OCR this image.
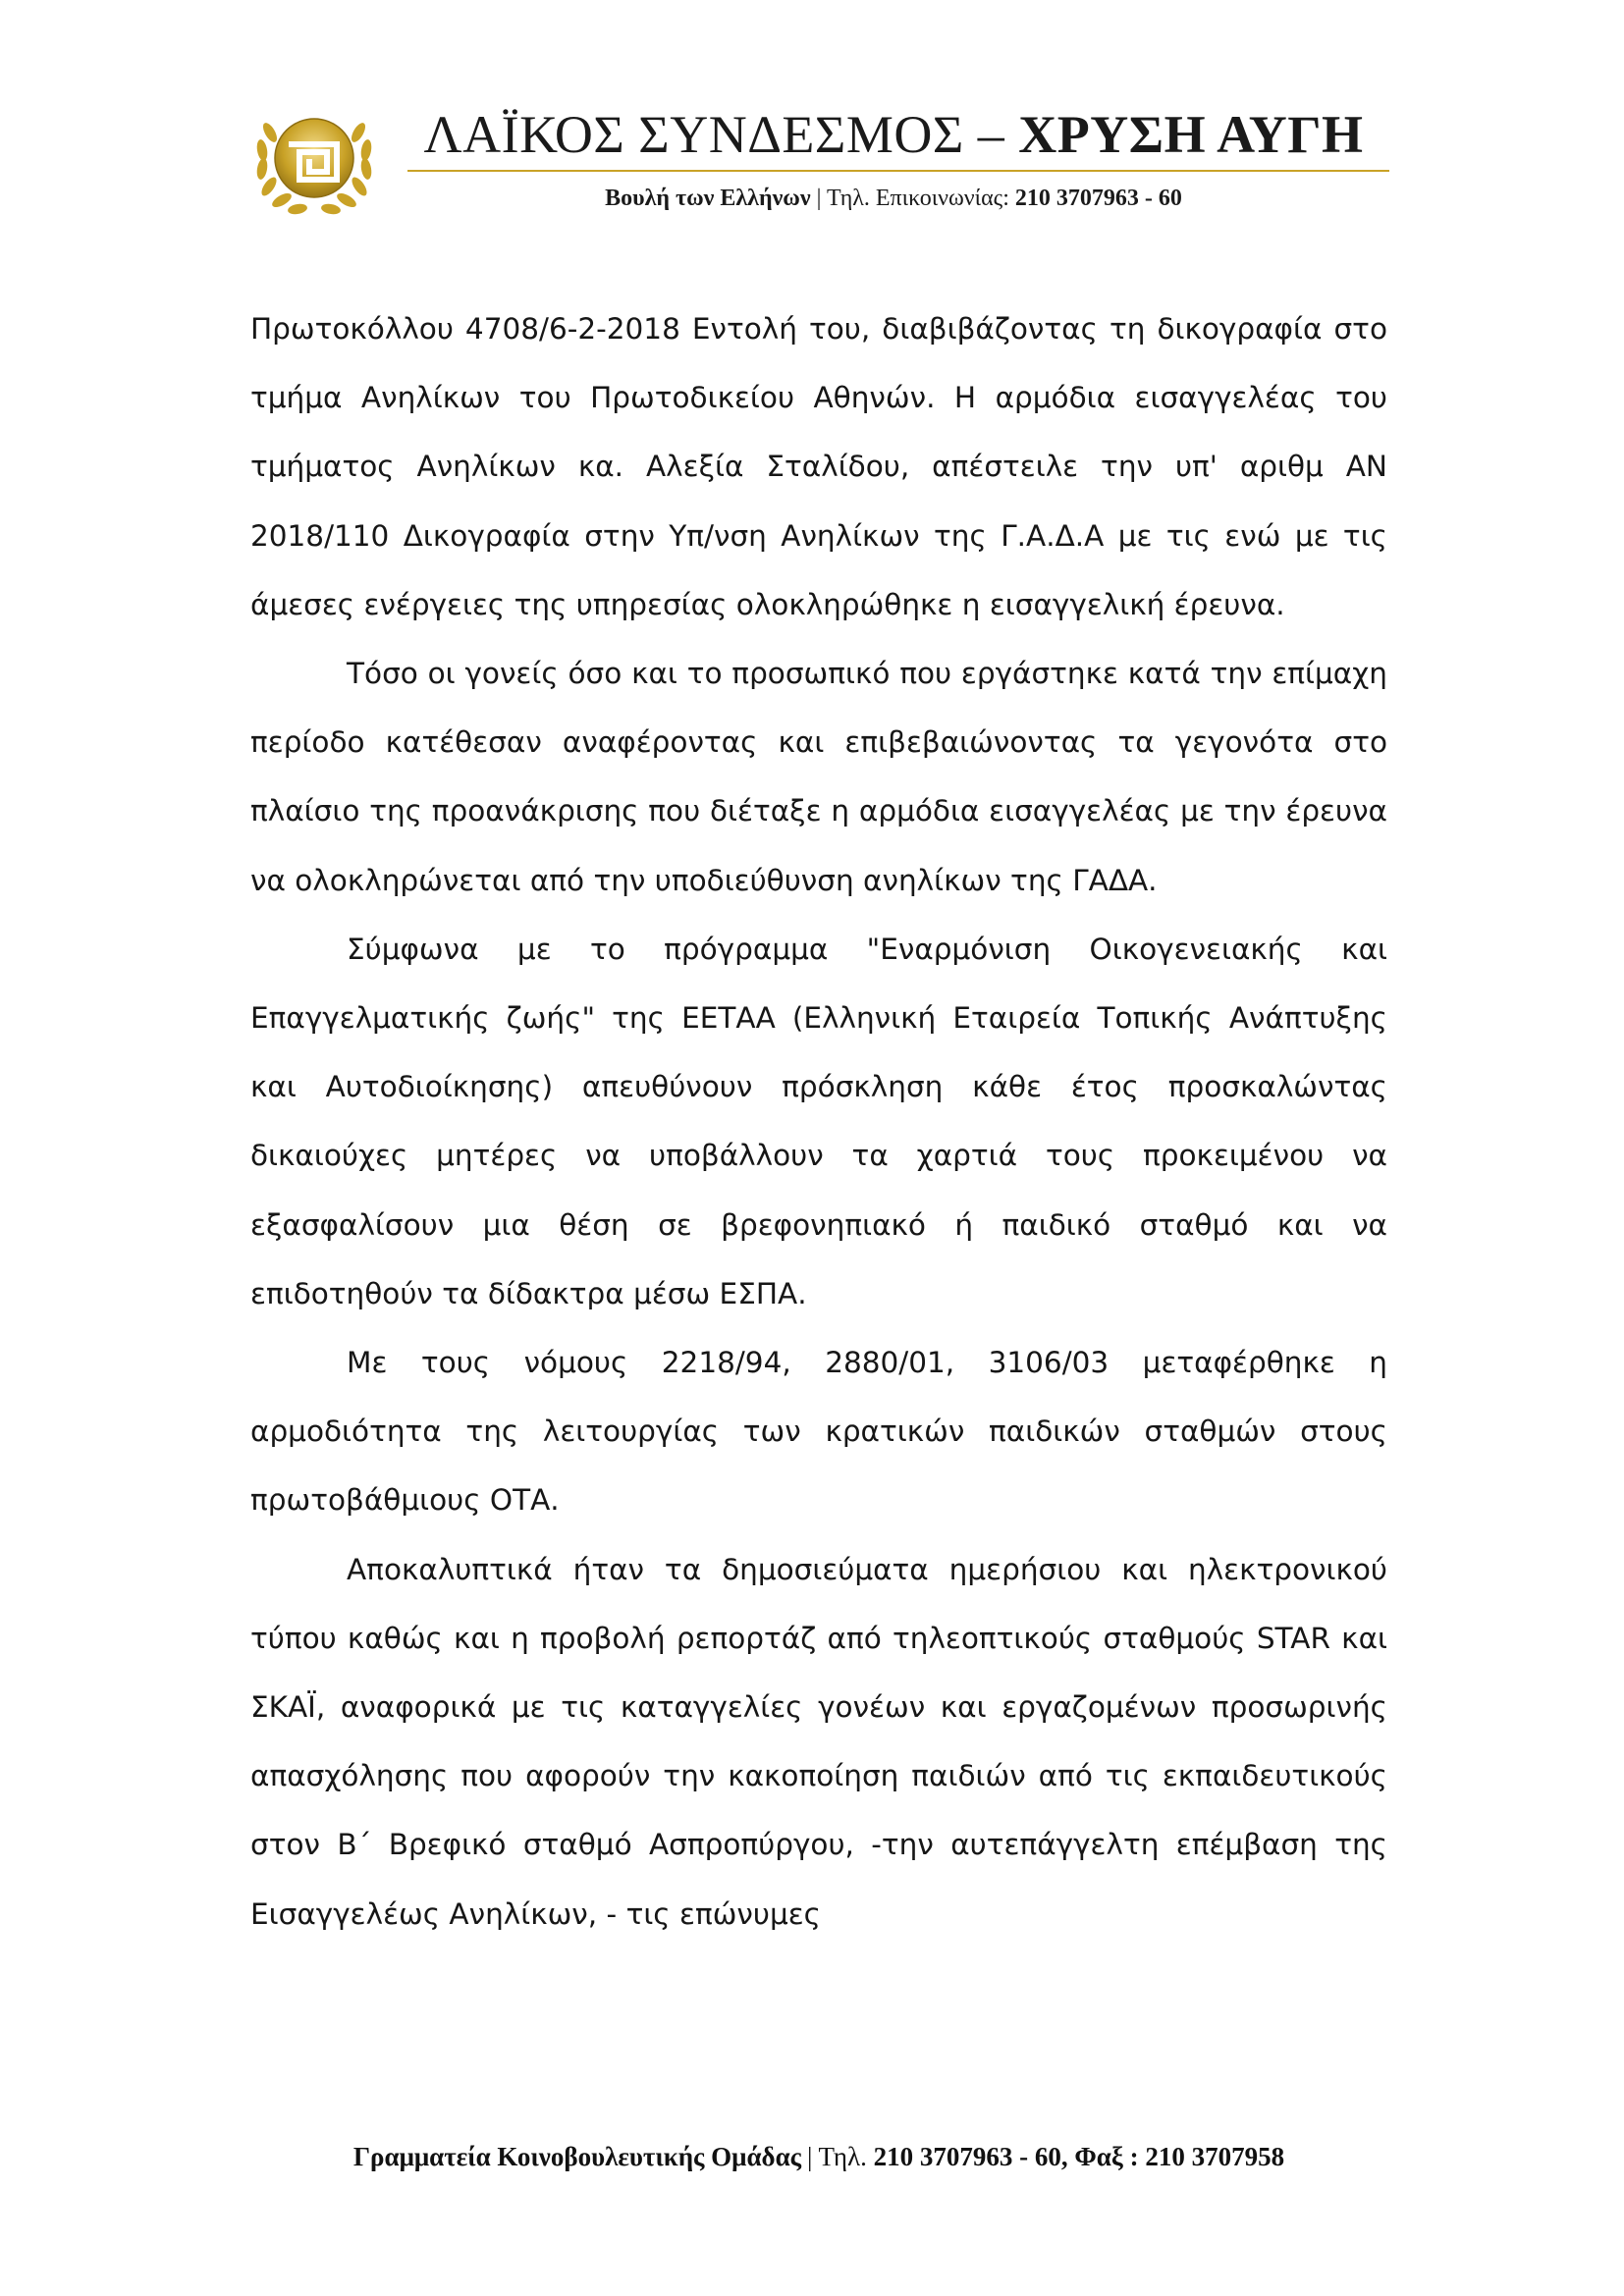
ΛΑΪΚΟΣ ΣΥΝΔΕΣΜΟΣ – ΧΡΥΣΗ ΑΥΓΗ
Βουλή των Ελλήνων | Τηλ. Επικοινωνίας: 210 3707963 - 60

Πρωτοκόλλου 4708/6-2-2018 Εντολή του, διαβιβάζοντας τη δικογραφία στο τμήμα Ανηλίκων του Πρωτοδικείου Αθηνών. Η αρμόδια εισαγγελέας του τμήματος Ανηλίκων κα. Αλεξία Σταλίδου, απέστειλε την υπ' αριθμ ΑΝ 2018/110 Δικογραφία στην Υπ/νση Ανηλίκων της Γ.Α.Δ.Α με τις ενώ με τις άμεσες ενέργειες της υπηρεσίας ολοκληρώθηκε η εισαγγελική έρευνα.

Τόσο οι γονείς όσο και το προσωπικό που εργάστηκε κατά την επίμαχη περίοδο κατέθεσαν αναφέροντας και επιβεβαιώνοντας τα γεγονότα στο πλαίσιο της προανάκρισης που διέταξε η αρμόδια εισαγγελέας με την έρευνα να ολοκληρώνεται από την υποδιεύθυνση ανηλίκων της ΓΑΔΑ.

Σύμφωνα με το πρόγραμμα "Εναρμόνιση Οικογενειακής και Επαγγελματικής ζωής" της ΕΕΤΑΑ (Ελληνική Εταιρεία Τοπικής Ανάπτυξης και Αυτοδιοίκησης) απευθύνουν πρόσκληση κάθε έτος προσκαλώντας δικαιούχες μητέρες να υποβάλλουν τα χαρτιά τους προκειμένου να εξασφαλίσουν μια θέση σε βρεφονηπιακό ή παιδικό σταθμό και να επιδοτηθούν τα δίδακτρα μέσω ΕΣΠΑ.

Με τους νόμους 2218/94, 2880/01, 3106/03 μεταφέρθηκε η αρμοδιότητα της λειτουργίας των κρατικών παιδικών σταθμών στους πρωτοβάθμιους ΟΤΑ.

Αποκαλυπτικά ήταν τα δημοσιεύματα ημερήσιου και ηλεκτρονικού τύπου καθώς και η προβολή ρεπορτάζ από τηλεοπτικούς σταθμούς STAR και ΣΚΑΪ, αναφορικά με τις καταγγελίες γονέων και εργαζομένων προσωρινής απασχόλησης που αφορούν την κακοποίηση παιδιών από τις εκπαιδευτικούς στον Β΄ Βρεφικό σταθμό Ασπροπύργου, -την αυτεπάγγελτη επέμβαση της Εισαγγελέως Ανηλίκων, - τις επώνυμες

Γραμματεία Κοινοβουλευτικής Ομάδας | Τηλ. 210 3707963 - 60, Φαξ : 210 3707958
